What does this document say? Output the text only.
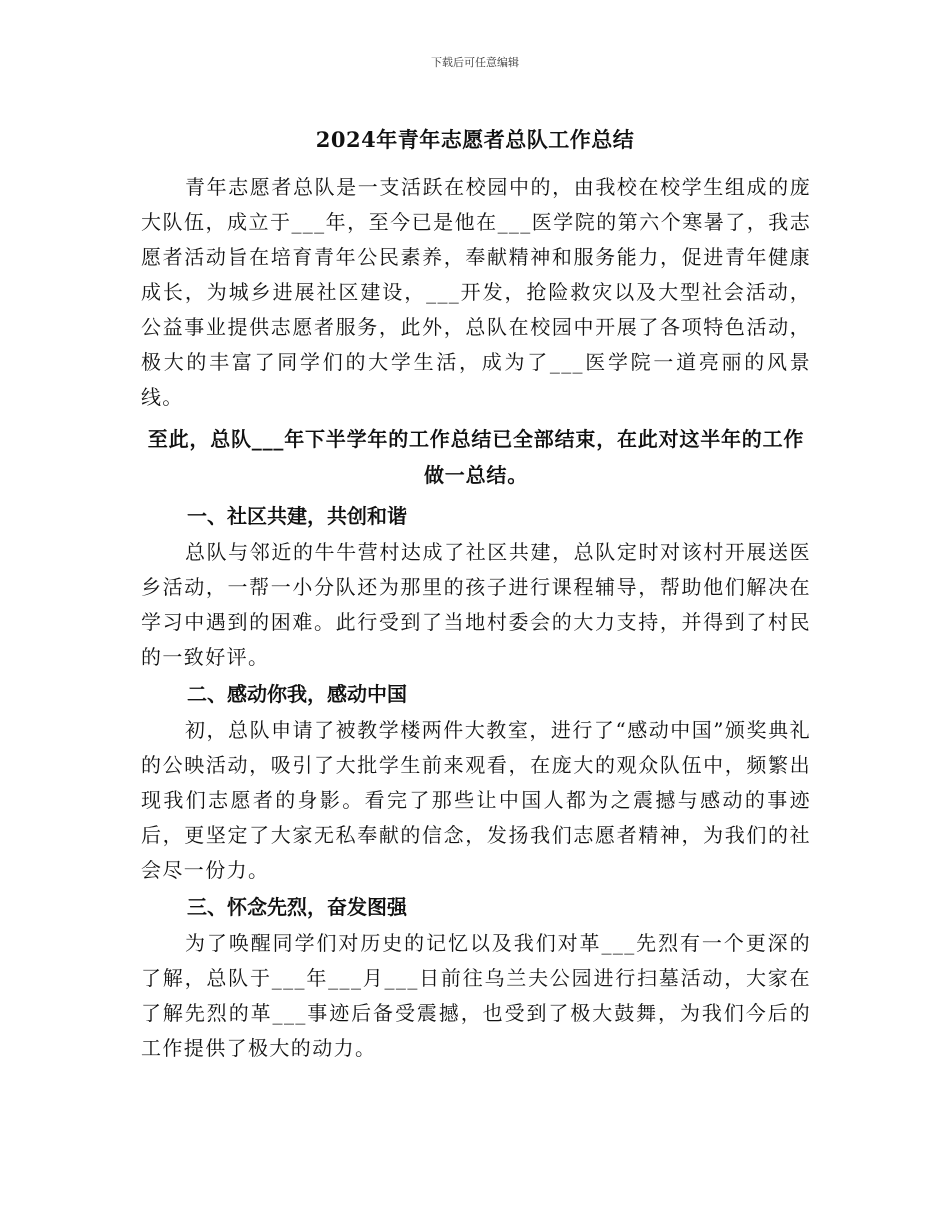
下载后可任意编辑
2024年青年志愿者总队工作总结

青年志愿者总队是一支活跃在校园中的，由我校在校学生组成的庞大队伍，成立于___年，至今已是他在___医学院的第六个寒暑了，我志愿者活动旨在培育青年公民素养，奉献精神和服务能力，促进青年健康成长，为城乡进展社区建设，___开发，抢险救灾以及大型社会活动，公益事业提供志愿者服务，此外，总队在校园中开展了各项特色活动，极大的丰富了同学们的大学生活，成为了___医学院一道亮丽的风景线。

至此，总队___年下半学年的工作总结已全部结束，在此对这半年的工作做一总结。

一、社区共建，共创和谐

总队与邻近的牛牛营村达成了社区共建，总队定时对该村开展送医乡活动，一帮一小分队还为那里的孩子进行课程辅导，帮助他们解决在学习中遇到的困难。此行受到了当地村委会的大力支持，并得到了村民的一致好评。

二、感动你我，感动中国

初，总队申请了被教学楼两件大教室，进行了“感动中国”颁奖典礼的公映活动，吸引了大批学生前来观看，在庞大的观众队伍中，频繁出现我们志愿者的身影。看完了那些让中国人都为之震撼与感动的事迹后，更坚定了大家无私奉献的信念，发扬我们志愿者精神，为我们的社会尽一份力。

三、怀念先烈，奋发图强

为了唤醒同学们对历史的记忆以及我们对革___先烈有一个更深的了解，总队于___年___月___日前往乌兰夫公园进行扫墓活动，大家在了解先烈的革___事迹后备受震撼，也受到了极大鼓舞，为我们今后的工作提供了极大的动力。
